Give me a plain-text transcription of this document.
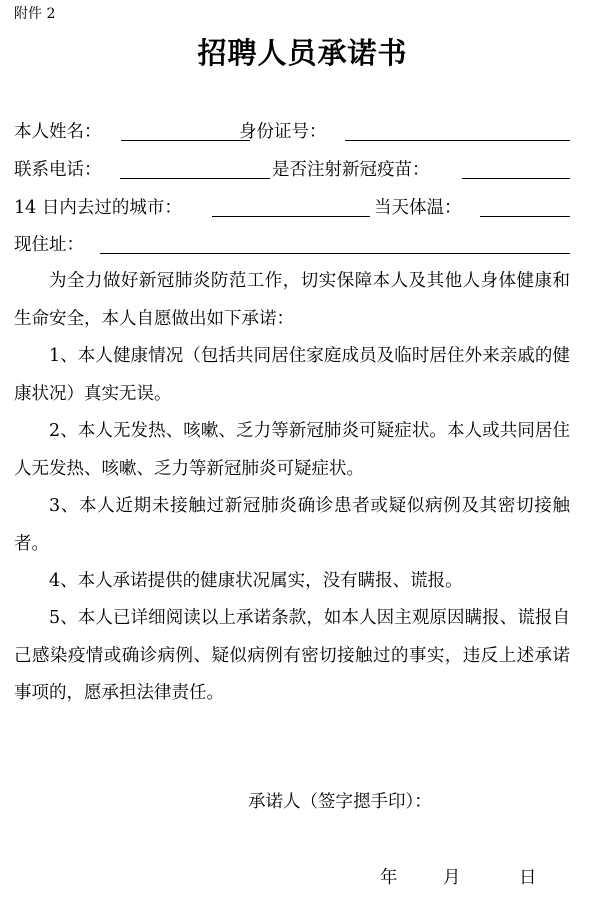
附件 2
招聘人员承诺书
本人姓名：	身份证号：
联系电话：	是否注射新冠疫苗：
14 日内去过的城市：	当天体温：
现住址：

为全力做好新冠肺炎防范工作，切实保障本人及其他人身体健康和生命安全，本人自愿做出如下承诺：

1、本人健康情况（包括共同居住家庭成员及临时居住外来亲戚的健康状况）真实无误。

2、本人无发热、咳嗽、乏力等新冠肺炎可疑症状。本人或共同居住人无发热、咳嗽、乏力等新冠肺炎可疑症状。

3、本人近期未接触过新冠肺炎确诊患者或疑似病例及其密切接触者。

4、本人承诺提供的健康状况属实，没有瞒报、谎报。

5、本人已详细阅读以上承诺条款，如本人因主观原因瞒报、谎报自己感染疫情或确诊病例、疑似病例有密切接触过的事实，违反上述承诺事项的，愿承担法律责任。

承诺人（签字摁手印）：
年	月	日
